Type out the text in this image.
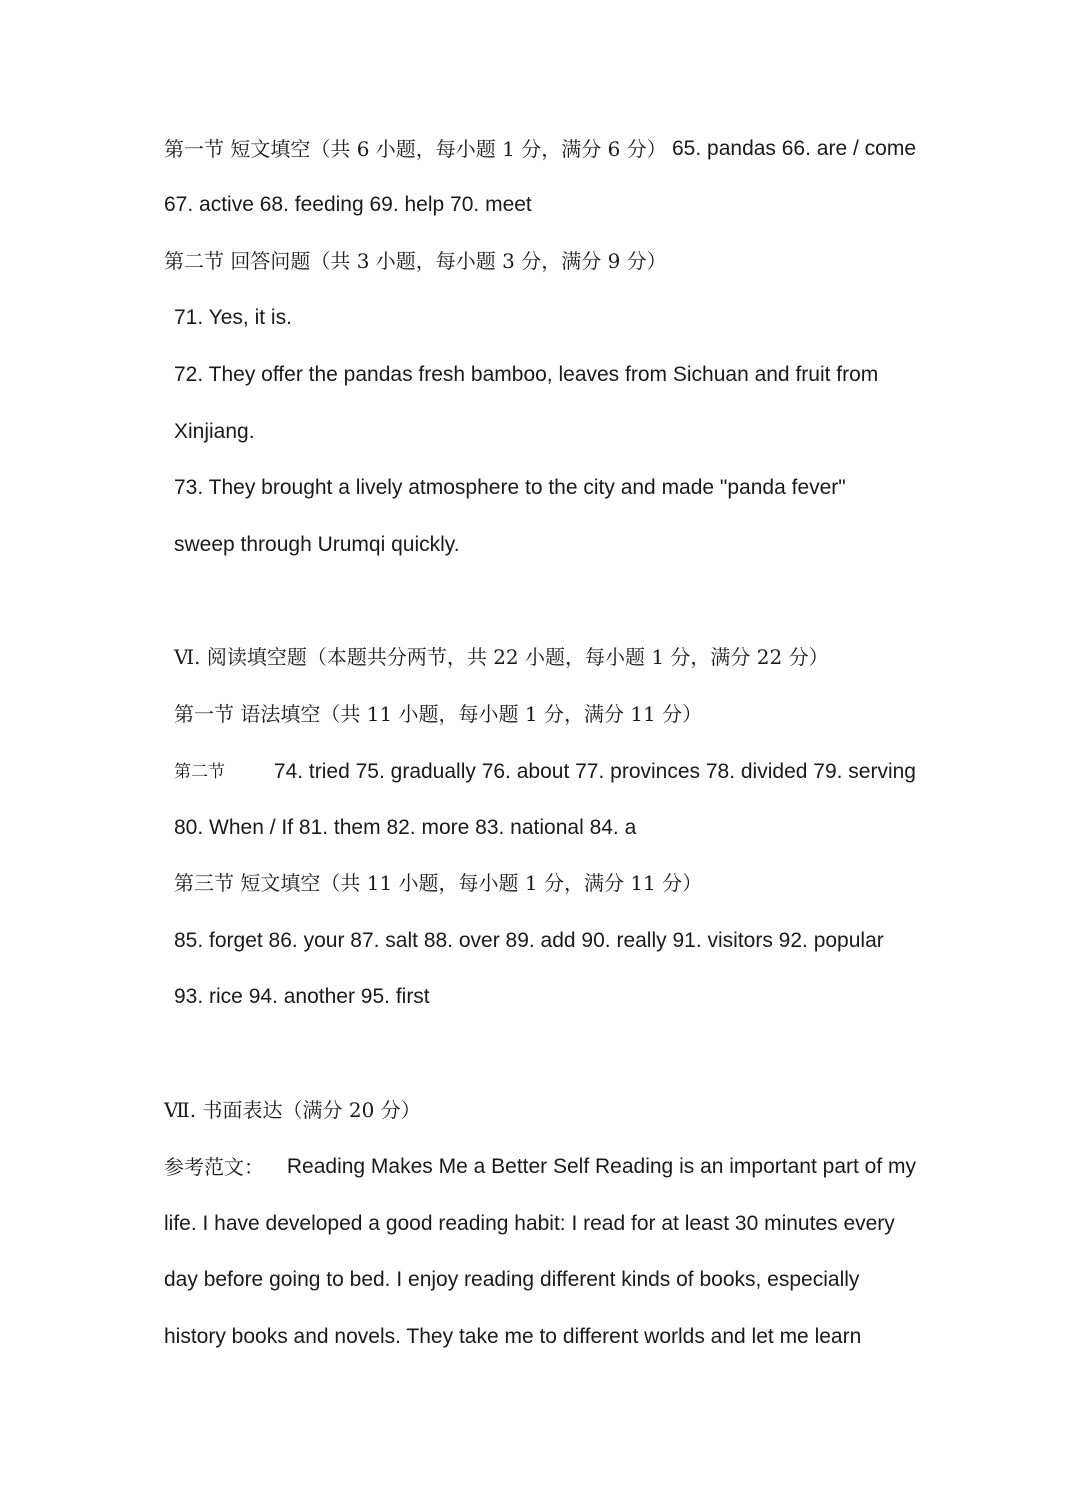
第一节 短文填空（共 6 小题，每小题 1 分，满分 6 分） 65. pandas 66. are / come
67. active 68. feeding 69. help 70. meet
第二节 回答问题（共 3 小题，每小题 3 分，满分 9 分）
71. Yes, it is.
72. They offer the pandas fresh bamboo, leaves from Sichuan and fruit from
Xinjiang.
73. They brought a lively atmosphere to the city and made "panda fever"
sweep through Urumqi quickly.
Ⅵ. 阅读填空题（本题共分两节，共 22 小题，每小题 1 分，满分 22 分）
第一节 语法填空（共 11 小题，每小题 1 分，满分 11 分）
第二节 74. tried 75. gradually 76. about 77. provinces 78. divided 79. serving
80. When / If 81. them 82. more 83. national 84. a
第三节 短文填空（共 11 小题，每小题 1 分，满分 11 分）
85. forget 86. your 87. salt 88. over 89. add 90. really 91. visitors 92. popular
93. rice 94. another 95. first
Ⅶ. 书面表达（满分 20 分）
参考范文： Reading Makes Me a Better Self Reading is an important part of my
life. I have developed a good reading habit: I read for at least 30 minutes every
day before going to bed. I enjoy reading different kinds of books, especially
history books and novels. They take me to different worlds and let me learn
